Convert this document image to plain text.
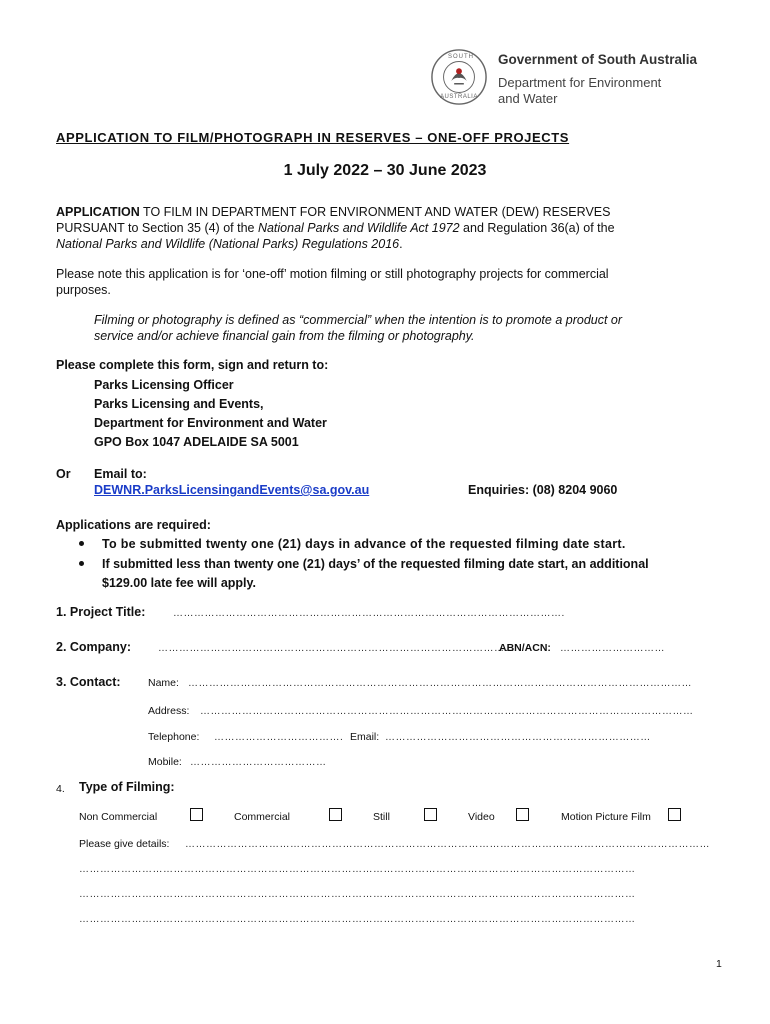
Government of South Australia
Department for Environment
and Water
SOUTH
AUSTRALIA
APPLICATION TO FILM/PHOTOGRAPH IN RESERVES – ONE-OFF PROJECTS
1 July 2022 – 30 June 2023
APPLICATION TO FILM IN DEPARTMENT FOR ENVIRONMENT AND WATER (DEW) RESERVES
PURSUANT to Section 35 (4) of the National Parks and Wildlife Act 1972 and Regulation 36(a) of the
National Parks and Wildlife (National Parks) Regulations 2016.
Please note this application is for ‘one-off’ motion filming or still photography projects for commercial
purposes.
Filming or photography is defined as “commercial” when the intention is to promote a product or
service and/or achieve financial gain from the filming or photography.
Please complete this form, sign and return to:
Parks Licensing Officer
Parks Licensing and Events,
Department for Environment and Water
GPO Box 1047 ADELAIDE SA 5001
Or Email to:
DEWNR.ParksLicensingandEvents@sa.gov.au	Enquiries: (08) 8204 9060
Applications are required:
To be submitted twenty one (21) days in advance of the requested filming date start.
If submitted less than twenty one (21) days’ of the requested filming date start, an additional
$129.00 late fee will apply.
1. Project Title:	………………………………………………………………………………………………….
2. Company:	…………………………………………………………………………………………
ABN/ACN: …………………………
3. Contact:	Name: ………………………………………………………………………………………………………………………………
Address: ……………………………………………………………………………………………………………………………
Telephone: ………………………………. Email: …………………………………………….……………………
Mobile: …………………………………
4. Type of Filming:
Non Commercial	Commercial	Still	Video	Motion Picture Film
Please give details: ……………………………………………………………………………………………………………………………………
……………………………………………………………………………………………………………………………………………
……………………………………………………………………………………………………………………………………………
……………………………………………………………………………………………………………………………………………
1
